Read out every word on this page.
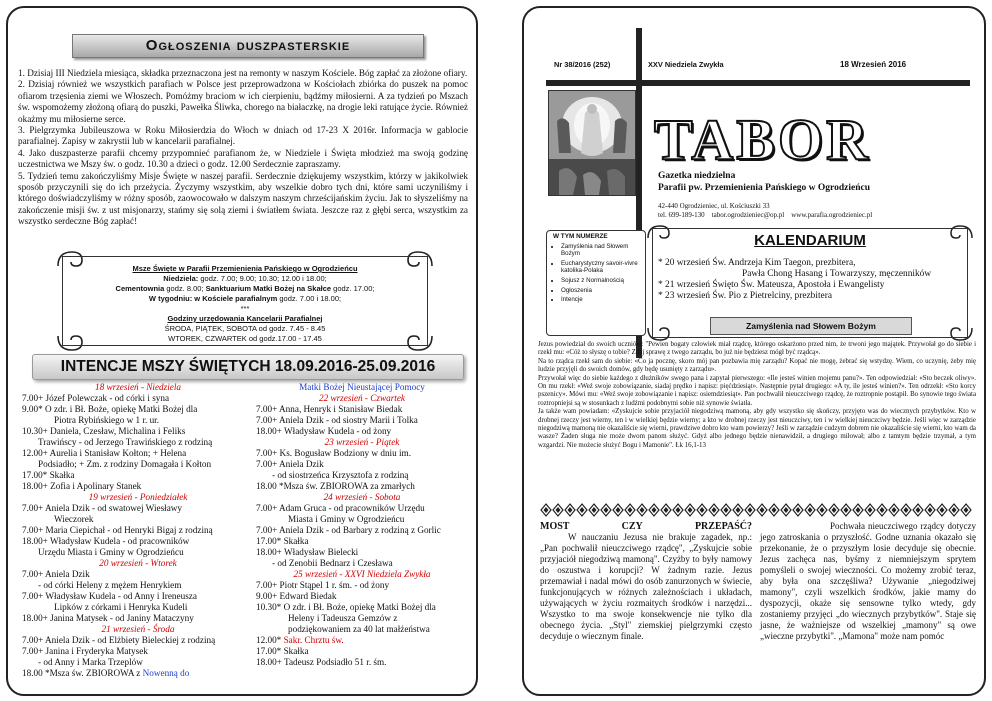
Ogłoszenia duszpasterskie

1. Dzisiaj III Niedziela miesiąca, składka przeznaczona jest na remonty w naszym Kościele. Bóg zapłać za złożone ofiary.

2. Dzisiaj również we wszystkich parafiach w Polsce jest przeprowadzona w Kościołach zbiórka do puszek na pomoc ofiarom trzęsienia ziemi we Włoszech. Pomóżmy braciom w ich cierpieniu, bądźmy miłosierni. A za tydzień po Mszach św. wspomożemy złożoną ofiarą do puszki, Pawełka Śliwka, chorego na białaczkę, na drogie leki ratujące życie. Również okażmy mu miłosierne serce.

3. Pielgrzymka Jubileuszowa w Roku Miłosierdzia do Włoch w dniach od 17-23 X 2016r. Informacja w gablocie parafialnej. Zapisy w zakrystii lub w kancelarii parafialnej.

4. Jako duszpasterze parafii chcemy przypomnieć parafianom że, w Niedziele i Święta młodzież ma swoją godzinę uczestnictwa we Mszy św. o godz. 10.30 a dzieci o godz. 12.00 Serdecznie zapraszamy.

5. Tydzień temu zakończyliśmy Misje Święte w naszej parafii. Serdecznie dziękujemy wszystkim, którzy w jakikolwiek sposób przyczynili się do ich przeżycia. Życzymy wszystkim, aby wszelkie dobro tych dni, które sami uczyniliśmy i którego doświadczyliśmy w różny sposób, zaowocowało w dalszym naszym chrześcijańskim życiu. Jak to słyszeliśmy na zakończenie misji św. z ust misjonarzy, stańmy się solą ziemi i światłem świata. Jeszcze raz z głębi serca, wszystkim za wszystko serdeczne Bóg zapłać!

Msze Święte w Parafii Przemienienia Pańskiego w Ogrodzieńcu
Niedziela: godz. 7.00; 9.00; 10.30; 12.00 i 18.00;
Cementownia godz. 8.00; Sanktuarium Matki Bożej na Skałce godz. 17.00;
W tygodniu: w Kościele parafialnym godz. 7.00 i 18.00;
***
Godziny urzędowania Kancelarii Parafialnej
ŚRODA, PIĄTEK, SOBOTA od godz. 7.45 - 8.45
WTOREK, CZWARTEK od godz.17.00 - 17.45
INTENCJE MSZY ŚWIĘTYCH 18.09.2016-25.09.2016
18 wrzesień - Niedziela
7.00+ Józef Polewczak - od córki i syna
9.00* O zdr. i Bł. Boże, opiekę Matki Bożej dla
Piotra Rybińskiego w 1 r. ur.
10.30+ Daniela, Czesław, Michalina i Feliks
Trawińscy - od Jerzego Trawińskiego z rodziną
12.00+ Aurelia i Stanisław Kołton; + Helena
Podsiadło; + Zm. z rodziny Domagała i Kołton
17.00* Skałka
18.00+ Zofia i Apolinary Stanek
19 wrzesień - Poniedziałek
7.00+ Aniela Dzik - od swatowej Wiesławy
Wieczorek
7.00+ Maria Ciepichał - od Henryki Bigaj z rodziną
18.00+ Władysław Kudela - od pracowników
Urzędu Miasta i Gminy w Ogrodzieńcu
20 wrzesień - Wtorek
7.00+ Aniela Dzik
- od córki Heleny z mężem Henrykiem
7.00+ Władysław Kudela - od Anny i Ireneusza
Lipków z córkami i Henryka Kudeli
18.00+ Janina Matysek - od Janiny Mataczyny
21 wrzesień - Środa
7.00+ Aniela Dzik - od Elżbiety Bieleckiej z rodziną
7.00+ Janina i Fryderyka Matysek
- od Anny i Marka Trzeplów
Matki Bożej Nieustającej Pomocy
22 wrzesień - Czwartek
7.00+ Anna, Henryk i Stanisław Biedak
7.00+ Aniela Dzik - od siostry Marii i Tolka
18.00+ Władysław Kudela - od żony
23 wrzesień - Piątek
7.00+ Ks. Bogusław Bodziony w dniu im.
7.00+ Aniela Dzik
- od siostrzeńca Krzysztofa z rodziną
18.00 *Msza św. ZBIOROWA za zmarłych
24 wrzesień - Sobota
7.00+ Adam Gruca - od pracowników Urzędu
Miasta i Gminy w Ogrodzieńcu
7.00+ Aniela Dzik - od Barbary z rodziną z Gorlic
17.00* Skałka
18.00+ Władysław Bielecki
- od Zenobii Bednarz i Czesława
25 wrzesień - XXVI Niedziela Zwykła
7.00+ Piotr Stąpel 1 r. śm. - od żony
9.00+ Edward Biedak
10.30* O zdr. i Bł. Boże, opiekę Matki Bożej dla
Heleny i Tadeusza Gemzów z
podziękowaniem za 40 lat małżeństwa
12.00* Sakr. Chrztu św.
17.00* Skałka
18.00+ Tadeusz Podsiadło 51 r. śm.
18.00 *Msza św. ZBIOROWA z Nowenną do
Nr 38/2016 (252)	XXV Niedziela Zwykła	18 Wrzesień 2016
TABOR
Gazetka niedzielna
Parafii pw. Przemienienia Pańskiego w Ogrodzieńcu
42-440 Ogrodzieniec, ul. Kościuszki 33
tel. 699-189-130 tabor.ogrodzieniec@op.pl www.parafia.ogrodzieniec.pl
W TYM NUMERZE
• Zamyślenia nad Słowem Bożym
• Eucharystyczny savoir-vivre katolika-Polaka
• Sojusz z Normalnością
• Ogłoszenia
• Intencje
KALENDARIUM
* 20 wrzesień Św. Andrzeja Kim Taegon, prezbitera,
Pawła Chong Hasang i Towarzyszy, męczenników
* 21 wrzesień Święto Św. Mateusza, Apostoła i Ewangelisty
* 23 wrzesień Św. Pio z Pietrelciny, prezbitera
Zamyślenia nad Słowem Bożym

Jezus powiedział do swoich uczniów: "Pewien bogaty człowiek miał rządcę, którego oskarżono przed nim, że trwoni jego majątek. Przywołał go do siebie i rzekł mu: «Cóż to słyszę o tobie? Zdaj sprawę z twego zarządu, bo już nie będziesz mógł być rządcą».

Na to rządca rzekł sam do siebie: «Co ja pocznę, skoro mój pan pozbawia mię zarządu? Kopać nie mogę, żebrać się wstydzę. Wiem, co uczynię, żeby mię ludzie przyjęli do swoich domów, gdy będę usunięty z zarządu».

Przywołał więc do siebie każdego z dłużników swego pana i zapytał pierwszego: «Ile jesteś winien mojemu panu?». Ten odpowiedział: «Sto beczek oliwy». On mu rzekł: «Weź swoje zobowiązanie, siadaj prędko i napisz: pięćdziesiąt». Następnie pytał drugiego: «A ty, ile jesteś winien?». Ten odrzekł: «Sto korcy pszenicy». Mówi mu: «Weź swoje zobowiązanie i napisz: osiemdziesiąt». Pan pochwalił nieuczciwego rządcę, że roztropnie postąpił. Bo synowie tego świata roztropniejsi są w stosunkach z ludźmi podobnymi sobie niż synowie światła.

Ja także wam powiadam: «Zyskujcie sobie przyjaciół niegodziwą mamoną, aby gdy wszystko się skończy, przyjęto was do wiecznych przybytków. Kto w drobnej rzeczy jest wierny, ten i w wielkiej będzie wierny; a kto w drobnej rzeczy jest nieuczciwy, ten i w wielkiej nieuczciwy będzie. Jeśli więc w zarządzie niegodziwą mamoną nie okazaliście się wierni, prawdziwe dobro kto wam powierzy? Jeśli w zarządzie cudzym dobrem nie okazaliście się wierni, kto wam da wasze? Żaden sługa nie może dwom panom służyć. Gdyż albo jednego będzie nienawidził, a drugiego miłował; albo z tamtym będzie trzymał, a tym wzgardzi. Nie możecie służyć Bogu i Mamonie". Łk 16,1-13

MOST	CZY	PRZEPAŚĆ?

W nauczaniu Jezusa nie brakuje zagadek, np.: „Pan pochwalił nieuczciwego rządcę", „Zyskujcie sobie przyjaciół niegodziwą mamoną". Czyżby to były namowy do oszustwa i korupcji? W żadnym razie. Jezus przemawiał i nadal mówi do osób zanurzonych w świecie, funkcjonujących w różnych zależnościach i układach, używających w życiu rozmaitych środków i narzędzi... Wszystko to ma swoje konsekwencje nie tylko dla obecnego życia. „Styl" ziemskiej pielgrzymki często decyduje o wiecznym finale.

Pochwała nieuczciwego rządcy dotyczy jego zatroskania o przyszłość. Godne uznania okazało się przekonanie, że o przyszłym losie decyduje się obecnie. Jezus zachęca nas, byśmy z niemniejszym sprytem pomyśleli o swojej wieczności. Co możemy zrobić teraz, aby była ona szczęśliwa? Używanie „niegodziwej mamony", czyli wszelkich środków, jakie mamy do dyspozycji, okaże się sensowne tylko wtedy, gdy zostaniemy przyjęci „do wiecznych przybytków". Staje się jasne, że ważniejsze od wszelkiej „mamony" są owe „wieczne przybytki". „Mamona" może nam pomóc
